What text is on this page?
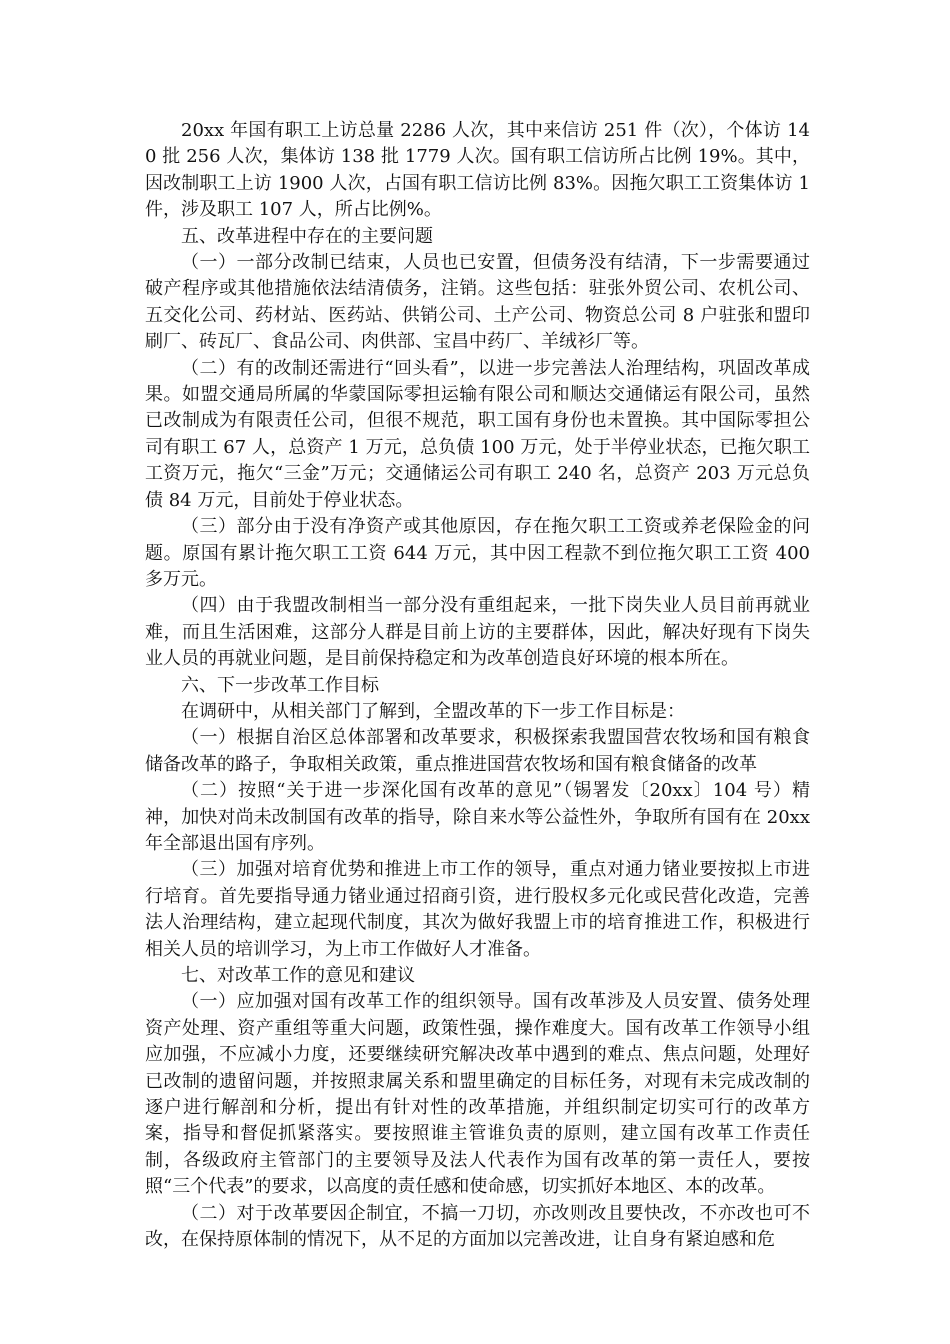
20xx 年国有职工上访总量 2286 人次，其中来信访 251 件（次），个体访 140 批 256 人次，集体访 138 批 1779 人次。国有职工信访所占比例 19%。其中，因改制职工上访 1900 人次，占国有职工信访比例 83%。因拖欠职工工资集体访 1 件，涉及职工 107 人，所占比例%。

五、改革进程中存在的主要问题

（一）一部分改制已结束，人员也已安置，但债务没有结清，下一步需要通过破产程序或其他措施依法结清债务，注销。这些包括：驻张外贸公司、农机公司、五交化公司、药材站、医药站、供销公司、土产公司、物资总公司 8 户驻张和盟印刷厂、砖瓦厂、食品公司、肉供部、宝昌中药厂、羊绒衫厂等。

（二）有的改制还需进行“回头看”，以进一步完善法人治理结构，巩固改革成果。如盟交通局所属的华蒙国际零担运输有限公司和顺达交通储运有限公司，虽然已改制成为有限责任公司，但很不规范，职工国有身份也未置换。其中国际零担公司有职工 67 人，总资产 1 万元，总负债 100 万元，处于半停业状态，已拖欠职工工资万元，拖欠“三金”万元；交通储运公司有职工 240 名，总资产 203 万元总负债 84 万元，目前处于停业状态。

（三）部分由于没有净资产或其他原因，存在拖欠职工工资或养老保险金的问题。原国有累计拖欠职工工资 644 万元，其中因工程款不到位拖欠职工工资 400 多万元。

（四）由于我盟改制相当一部分没有重组起来，一批下岗失业人员目前再就业难，而且生活困难，这部分人群是目前上访的主要群体，因此，解决好现有下岗失业人员的再就业问题，是目前保持稳定和为改革创造良好环境的根本所在。

六、下一步改革工作目标

在调研中，从相关部门了解到，全盟改革的下一步工作目标是：

（一）根据自治区总体部署和改革要求，积极探索我盟国营农牧场和国有粮食储备改革的路子，争取相关政策，重点推进国营农牧场和国有粮食储备的改革

（二）按照“关于进一步深化国有改革的意见”（锡署发〔20xx〕104 号）精神，加快对尚未改制国有改革的指导，除自来水等公益性外，争取所有国有在 20xx 年全部退出国有序列。

（三）加强对培育优势和推进上市工作的领导，重点对通力锗业要按拟上市进行培育。首先要指导通力锗业通过招商引资，进行股权多元化或民营化改造，完善法人治理结构，建立起现代制度，其次为做好我盟上市的培育推进工作，积极进行相关人员的培训学习，为上市工作做好人才准备。

七、对改革工作的意见和建议

（一）应加强对国有改革工作的组织领导。国有改革涉及人员安置、债务处理资产处理、资产重组等重大问题，政策性强，操作难度大。国有改革工作领导小组应加强，不应减小力度，还要继续研究解决改革中遇到的难点、焦点问题，处理好已改制的遗留问题，并按照隶属关系和盟里确定的目标任务，对现有未完成改制的逐户进行解剖和分析，提出有针对性的改革措施，并组织制定切实可行的改革方案，指导和督促抓紧落实。要按照谁主管谁负责的原则，建立国有改革工作责任制，各级政府主管部门的主要领导及法人代表作为国有改革的第一责任人，要按照“三个代表”的要求，以高度的责任感和使命感，切实抓好本地区、本的改革。

（二）对于改革要因企制宜，不搞一刀切，亦改则改且要快改，不亦改也可不改，在保持原体制的情况下，从不足的方面加以完善改进，让自身有紧迫感和危
